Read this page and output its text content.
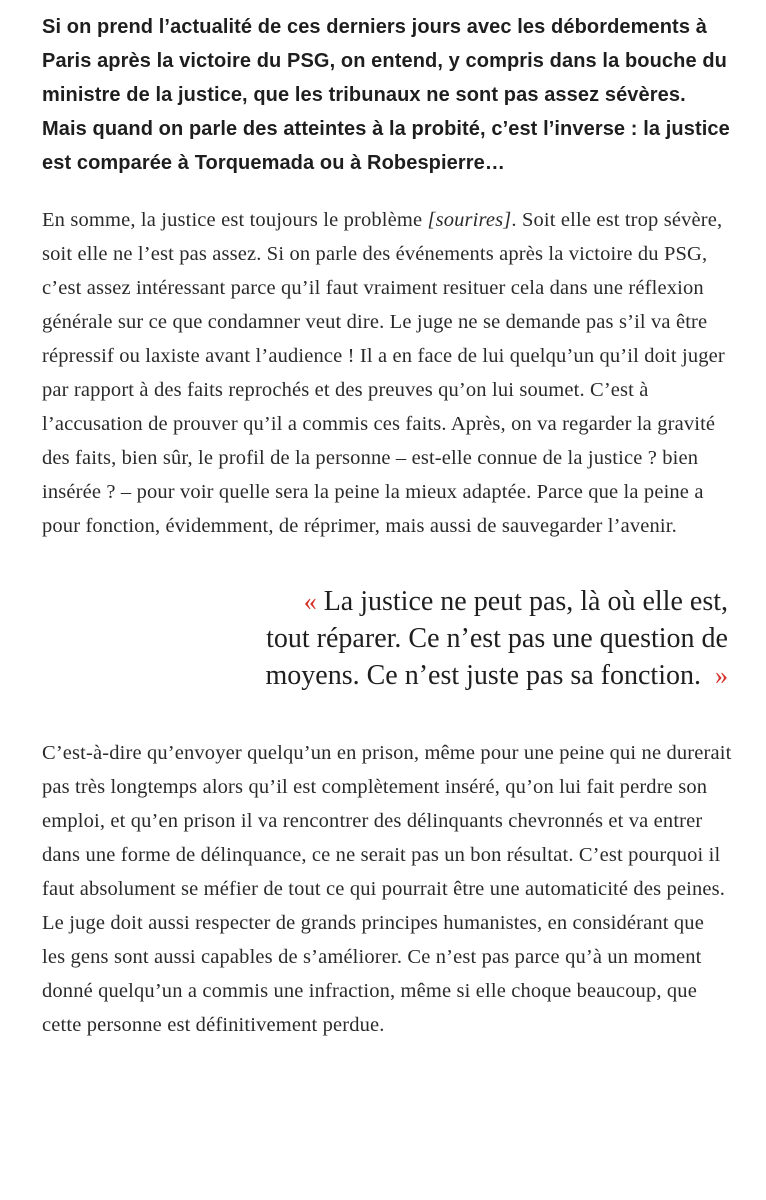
Si on prend l’actualité de ces derniers jours avec les débordements à Paris après la victoire du PSG, on entend, y compris dans la bouche du ministre de la justice, que les tribunaux ne sont pas assez sévères. Mais quand on parle des atteintes à la probité, c’est l’inverse : la justice est comparée à Torquemada ou à Robespierre…

En somme, la justice est toujours le problème [sourires]. Soit elle est trop sévère, soit elle ne l’est pas assez. Si on parle des événements après la victoire du PSG, c’est assez intéressant parce qu’il faut vraiment resituer cela dans une réflexion générale sur ce que condamner veut dire. Le juge ne se demande pas s’il va être répressif ou laxiste avant l’audience ! Il a en face de lui quelqu’un qu’il doit juger par rapport à des faits reprochés et des preuves qu’on lui soumet. C’est à l’accusation de prouver qu’il a commis ces faits. Après, on va regarder la gravité des faits, bien sûr, le profil de la personne – est-elle connue de la justice ? bien insérée ? – pour voir quelle sera la peine la mieux adaptée. Parce que la peine a pour fonction, évidemment, de réprimer, mais aussi de sauvegarder l’avenir.

« La justice ne peut pas, là où elle est,
tout réparer. Ce n’est pas une question de
moyens. Ce n’est juste pas sa fonction. »

C’est-à-dire qu’envoyer quelqu’un en prison, même pour une peine qui ne durerait pas très longtemps alors qu’il est complètement inséré, qu’on lui fait perdre son emploi, et qu’en prison il va rencontrer des délinquants chevronnés et va entrer dans une forme de délinquance, ce ne serait pas un bon résultat. C’est pourquoi il faut absolument se méfier de tout ce qui pourrait être une automaticité des peines. Le juge doit aussi respecter de grands principes humanistes, en considérant que les gens sont aussi capables de s’améliorer. Ce n’est pas parce qu’à un moment donné quelqu’un a commis une infraction, même si elle choque beaucoup, que cette personne est définitivement perdue.
